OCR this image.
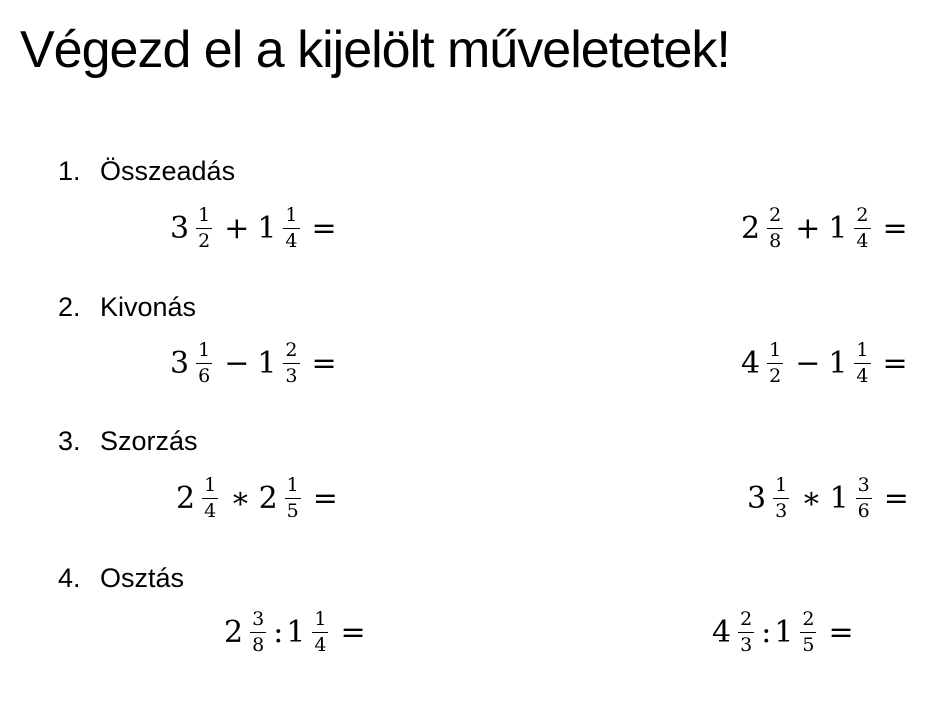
Végezd el a kijelölt műveletetek!
1. Összeadás
$3 \frac{1}{2} + 1 \frac{1}{4}$ =	$2 \frac{2}{8} + 1 \frac{2}{4}$ =
2. Kivonás
$3 \frac{1}{6} - 1 \frac{2}{3}$ =	$4 \frac{1}{2} - 1 \frac{1}{4}$ =
3. Szorzás
$2 \frac{1}{4}$ ∗ $2 \frac{1}{5}$ =	$3 \frac{1}{3}$ ∗ $1 \frac{3}{6}$ =
4. Osztás
$2 \frac{3}{8}$ : $1 \frac{1}{4}$ =	$4 \frac{2}{3}$ : $1 \frac{2}{5}$ =
